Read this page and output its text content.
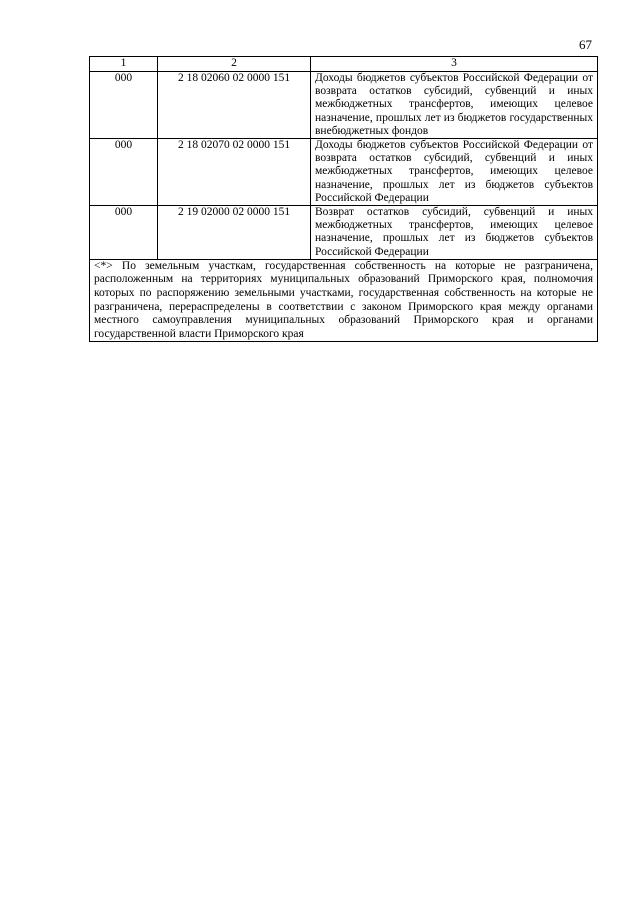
67
1	2	3
000	2 18 02060 02 0000 151	Доходы бюджетов субъектов Российской Федерации от возврата остатков субсидий, субвенций и иных межбюджетных трансфертов, имеющих целевое назначение, прошлых лет из бюджетов государственных внебюджетных фондов
000	2 18 02070 02 0000 151	Доходы бюджетов субъектов Российской Федерации от возврата остатков субсидий, субвенций и иных межбюджетных трансфертов, имеющих целевое назначение, прошлых лет из бюджетов субъектов Российской Федерации
000	2 19 02000 02 0000 151	Возврат остатков субсидий, субвенций и иных межбюджетных трансфертов, имеющих целевое назначение, прошлых лет из бюджетов субъектов Российской Федерации
<*> По земельным участкам, государственная собственность на которые не разграничена, расположенным на территориях муниципальных образований Приморского края, полномочия которых по распоряжению земельными участками, государственная собственность на которые не разграничена, перераспределены в соответствии с законом Приморского края между органами местного самоуправления муниципальных образований Приморского края и органами государственной власти Приморского края		
